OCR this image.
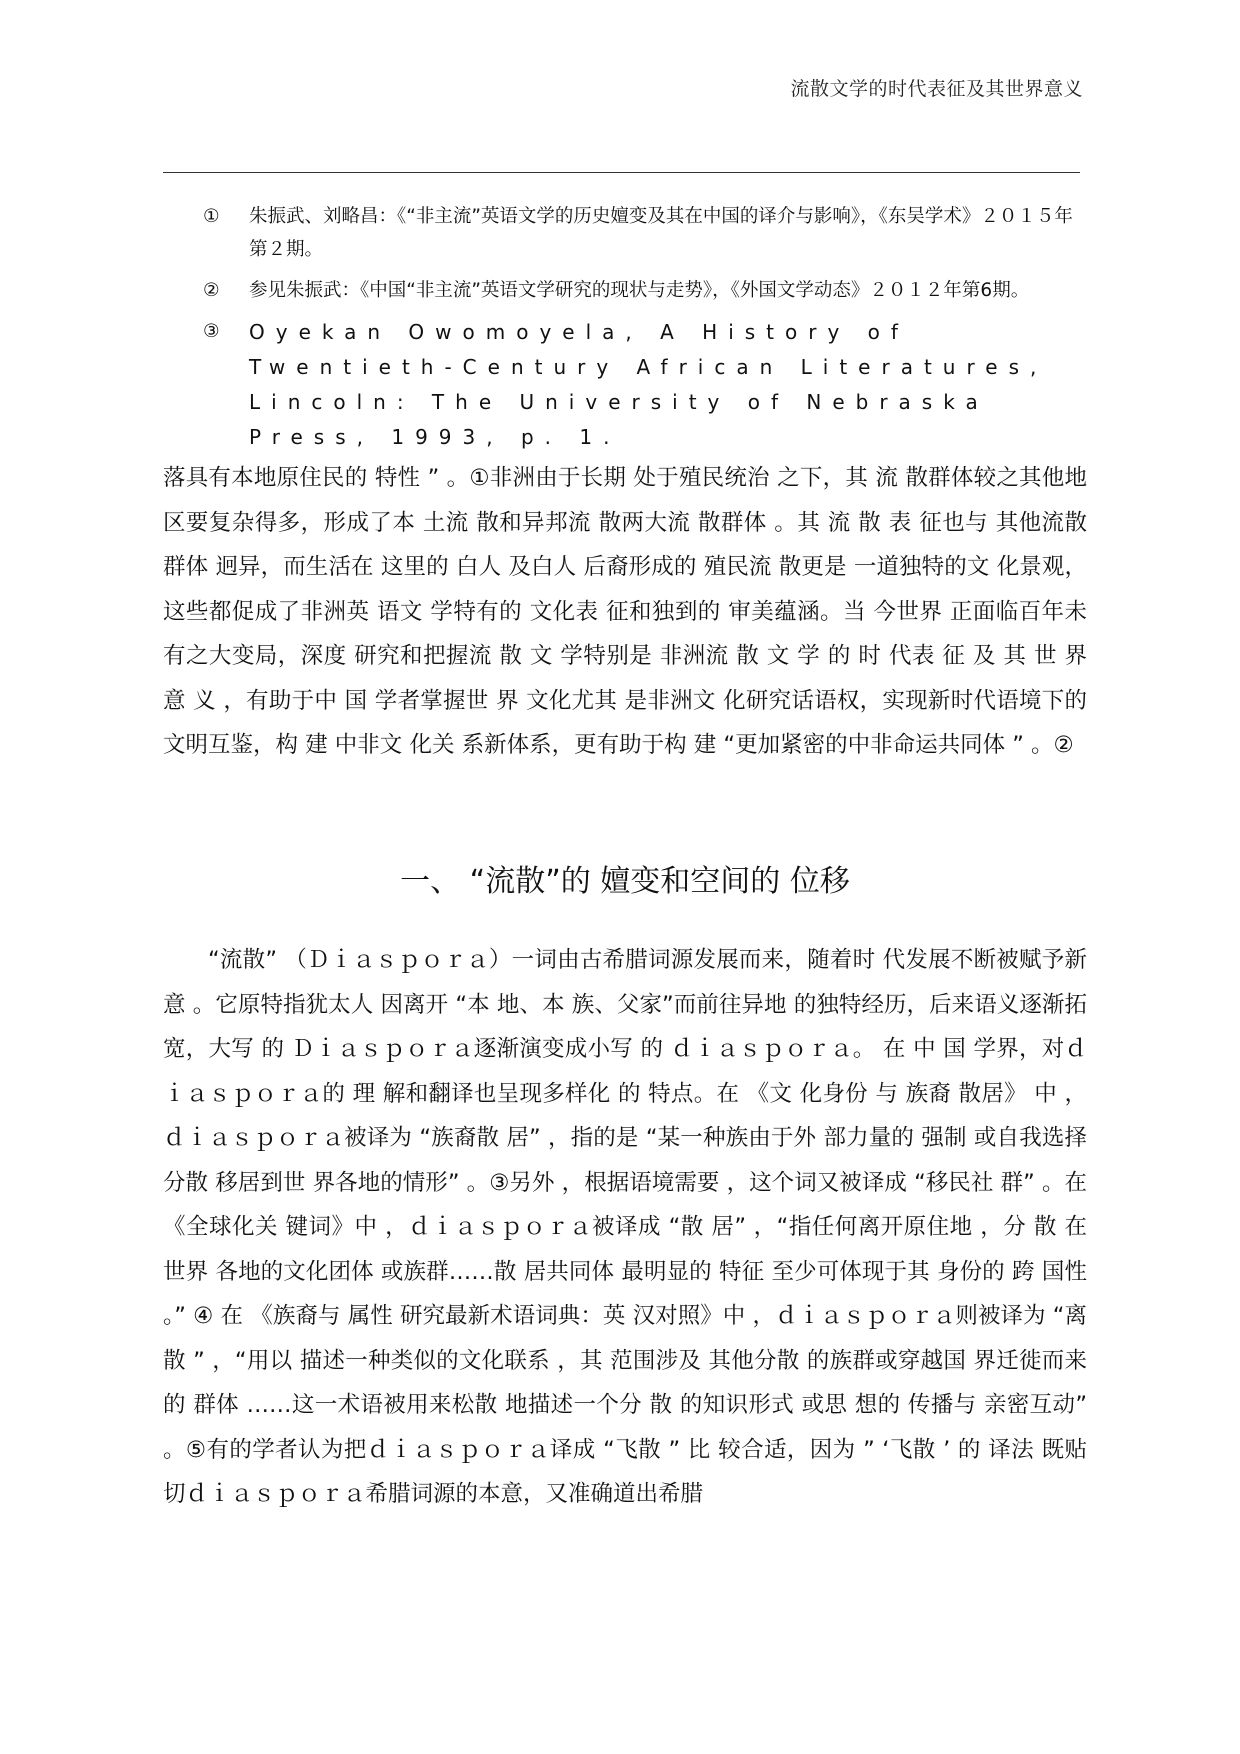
流散文学的时代表征及其世界意义
①	朱振武、刘略昌：《“非主流”英语文学的历史嬗变及其在中国的译介与影响》，《东吴学术》２０１５年第２期。
②	参见朱振武：《中国“非主流”英语文学研究的现状与走势》，《外国文学动态》２０１２年第6期。
③	Oyekan Owomoyela, A History of Twentieth-Century African Literatures, Lincoln: The University of Nebraska Press, 1993, p. 1.

落具有本地原住民的 特性 ” 。①非洲由于长期 处于殖民统治 之下，其 流 散群体较之其他地区要复杂得多，形成了本 土流 散和异邦流 散两大流 散群体 。其 流 散 表 征也与 其他流散群体 迥异，而生活在 这里的 白人 及白人 后裔形成的 殖民流 散更是 一道独特的文 化景观，这些都促成了非洲英 语文 学特有的 文化表 征和独到的 审美蕴涵。当 今世界 正面临百年未有之大变局，深度 研究和把握流 散 文 学特别是 非洲流 散 文 学 的 时 代表 征 及 其 世 界 意 义 ，有助于中 国 学者掌握世 界 文化尤其 是非洲文 化研究话语权，实现新时代语境下的文明互鉴，构 建 中非文 化关 系新体系，更有助于构 建 “更加紧密的中非命运共同体 ” 。②

一、 “流散”的 嬗变和空间的 位移

“流散” （Ｄｉａｓｐｏｒａ）一词由古希腊词源发展而来，随着时 代发展不断被赋予新意 。它原特指犹太人 因离开 “本 地、本 族、父家”而前往异地 的独特经历，后来语义逐渐拓宽，大写 的 Ｄｉａｓｐｏｒａ逐渐演变成小写 的 ｄｉａｓｐｏｒａ。 在 中 国 学界，对ｄｉａｓｐｏｒａ的 理 解和翻译也呈现多样化 的 特点。在 《文 化身份 与 族裔 散居》 中 ，ｄｉａｓｐｏｒａ被译为 “族裔散 居” ，指的是 “某一种族由于外 部力量的 强制 或自我选择分散 移居到世 界各地的情形” 。③另外 ，根据语境需要 ，这个词又被译成 “移民社 群” 。在 《全球化关 键词》中 ，ｄｉａｓｐｏｒａ被译成 “散 居” ，“指任何离开原住地 ，分 散 在 世界 各地的文化团体 或族群……散 居共同体 最明显的 特征 至少可体现于其 身份的 跨 国性 。” ④ 在 《族裔与 属性 研究最新术语词典：英 汉对照》中 ，ｄｉａｓｐｏｒａ则被译为 “离散 ” ，“用以 描述一种类似的文化联系 ，其 范围涉及 其他分散 的族群或穿越国 界迁徙而来的 群体 ……这一术语被用来松散 地描述一个分 散 的知识形式 或思 想的 传播与 亲密互动” 。⑤有的学者认为把ｄｉａｓｐｏｒａ译成 “飞散 ” 比 较合适，因为 ” ‘飞散 ’ 的 译法 既贴切ｄｉａｓｐｏｒａ希腊词源的本意，又准确道出希腊
